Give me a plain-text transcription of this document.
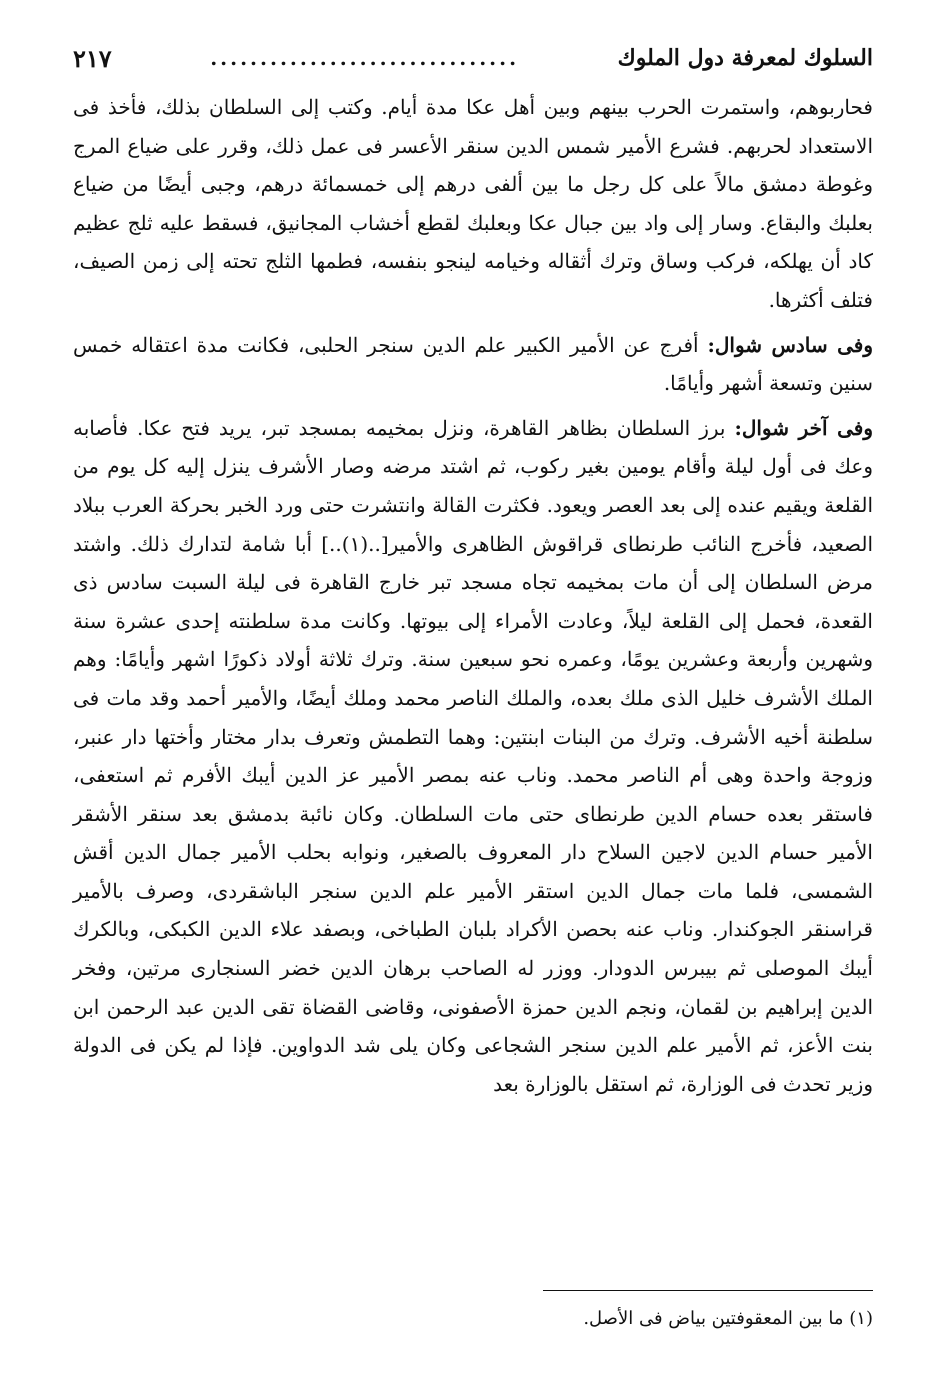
السلوك لمعرفة دول الملوك
...............................
٢١٧

فحاربوهم، واستمرت الحرب بينهم وبين أهل عكا مدة أيام. وكتب إلى السلطان بذلك، فأخذ فى الاستعداد لحربهم. فشرع الأمير شمس الدين سنقر الأعسر فى عمل ذلك، وقرر على ضياع المرج وغوطة دمشق مالاً على كل رجل ما بين ألفى درهم إلى خمسمائة درهم، وجبى أيضًا من ضياع بعلبك والبقاع. وسار إلى واد بين جبال عكا وبعلبك لقطع أخشاب المجانيق، فسقط عليه ثلج عظيم كاد أن يهلكه، فركب وساق وترك أثقاله وخيامه لينجو بنفسه، فطمها الثلج تحته إلى زمن الصيف، فتلف أكثرها.

وفى سادس شوال: أفرج عن الأمير الكبير علم الدين سنجر الحلبى، فكانت مدة اعتقاله خمس سنين وتسعة أشهر وأيامًا.

وفى آخر شوال: برز السلطان بظاهر القاهرة، ونزل بمخيمه بمسجد تبر، يريد فتح عكا. فأصابه وعك فى أول ليلة وأقام يومين بغير ركوب، ثم اشتد مرضه وصار الأشرف ينزل إليه كل يوم من القلعة ويقيم عنده إلى بعد العصر ويعود. فكثرت القالة وانتشرت حتى ورد الخبر بحركة العرب ببلاد الصعيد، فأخرج النائب طرنطاى قراقوش الظاهرى والأمير[..(١)..] أبا شامة لتدارك ذلك. واشتد مرض السلطان إلى أن مات بمخيمه تجاه مسجد تبر خارج القاهرة فى ليلة السبت سادس ذى القعدة، فحمل إلى القلعة ليلاً، وعادت الأمراء إلى بيوتها. وكانت مدة سلطنته إحدى عشرة سنة وشهرين وأربعة وعشرين يومًا، وعمره نحو سبعين سنة. وترك ثلاثة أولاد ذكورًا اشهر وأيامًا: وهم الملك الأشرف خليل الذى ملك بعده، والملك الناصر محمد وملك أيضًا، والأمير أحمد وقد مات فى سلطنة أخيه الأشرف. وترك من البنات ابنتين: وهما التطمش وتعرف بدار مختار وأختها دار عنبر، وزوجة واحدة وهى أم الناصر محمد. وناب عنه بمصر الأمير عز الدين أيبك الأفرم ثم استعفى، فاستقر بعده حسام الدين طرنطاى حتى مات السلطان. وكان نائبة بدمشق بعد سنقر الأشقر الأمير حسام الدين لاجين السلاح دار المعروف بالصغير، ونوابه بحلب الأمير جمال الدين أقش الشمسى، فلما مات جمال الدين استقر الأمير علم الدين سنجر الباشقردى، وصرف بالأمير قراسنقر الجوكندار. وناب عنه بحصن الأكراد بلبان الطباخى، وبصفد علاء الدين الكبكى، وبالكرك أيبك الموصلى ثم بيبرس الدودار. ووزر له الصاحب برهان الدين خضر السنجارى مرتين، وفخر الدين إبراهيم بن لقمان، ونجم الدين حمزة الأصفونى، وقاضى القضاة تقى الدين عبد الرحمن ابن بنت الأعز، ثم الأمير علم الدين سنجر الشجاعى وكان يلى شد الدواوين. فإذا لم يكن فى الدولة وزير تحدث فى الوزارة، ثم استقل بالوزارة بعد

(١) ما بين المعقوفتين بياض فى الأصل.
